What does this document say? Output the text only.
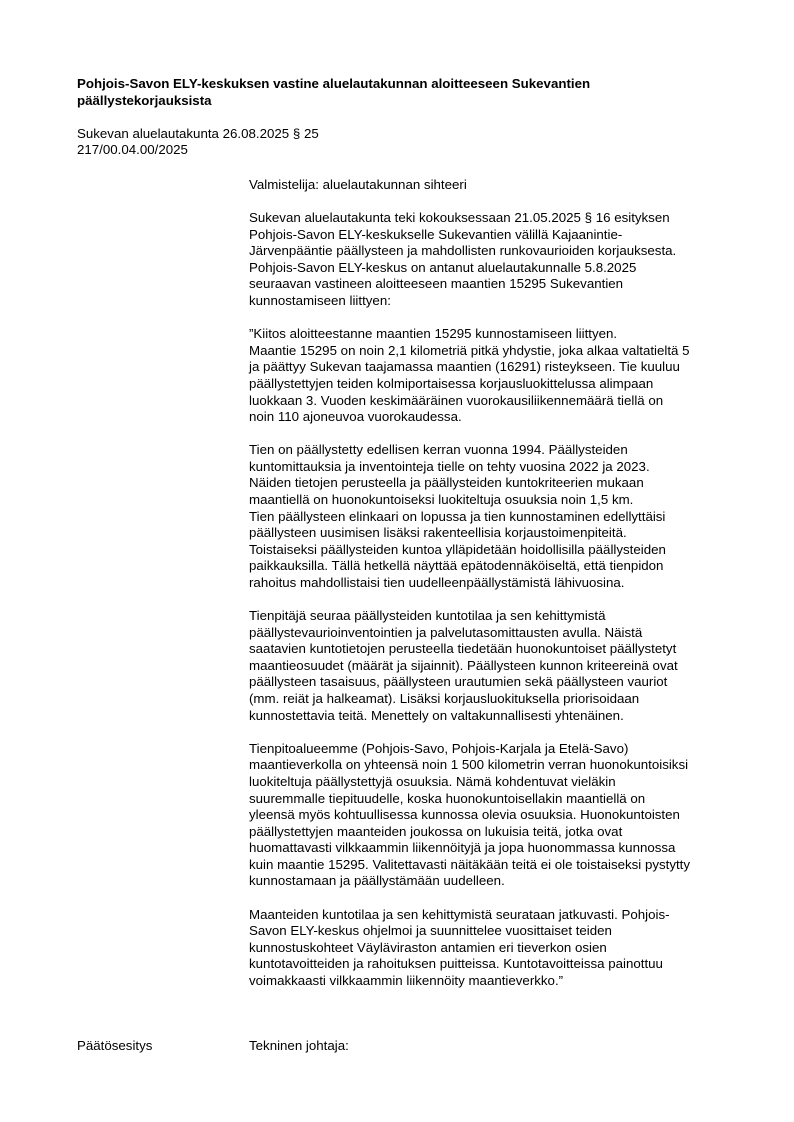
Pohjois-Savon ELY-keskuksen vastine aluelautakunnan aloitteeseen Sukevantien
päällystekorjauksista
Sukevan aluelautakunta 26.08.2025 § 25
217/00.04.00/2025

Valmistelija: aluelautakunnan sihteeri

Sukevan aluelautakunta teki kokouksessaan 21.05.2025 § 16 esityksen
Pohjois-Savon ELY-keskukselle Sukevantien välillä Kajaanintie-
Järvenpääntie päällysteen ja mahdollisten runkovaurioiden korjauksesta.
Pohjois-Savon ELY-keskus on antanut aluelautakunnalle 5.8.2025
seuraavan vastineen aloitteeseen maantien 15295 Sukevantien
kunnostamiseen liittyen:

”Kiitos aloitteestanne maantien 15295 kunnostamiseen liittyen.
Maantie 15295 on noin 2,1 kilometriä pitkä yhdystie, joka alkaa valtatieltä 5
ja päättyy Sukevan taajamassa maantien (16291) risteykseen. Tie kuuluu
päällystettyjen teiden kolmiportaisessa korjausluokittelussa alimpaan
luokkaan 3. Vuoden keskimääräinen vuorokausiliikennemäärä tiellä on
noin 110 ajoneuvoa vuorokaudessa.

Tien on päällystetty edellisen kerran vuonna 1994. Päällysteiden
kuntomittauksia ja inventointeja tielle on tehty vuosina 2022 ja 2023.
Näiden tietojen perusteella ja päällysteiden kuntokriteerien mukaan
maantiellä on huonokuntoiseksi luokiteltuja osuuksia noin 1,5 km.
Tien päällysteen elinkaari on lopussa ja tien kunnostaminen edellyttäisi
päällysteen uusimisen lisäksi rakenteellisia korjaustoimenpiteitä.
Toistaiseksi päällysteiden kuntoa ylläpidetään hoidollisilla päällysteiden
paikkauksilla. Tällä hetkellä näyttää epätodennäköiseltä, että tienpidon
rahoitus mahdollistaisi tien uudelleenpäällystämistä lähivuosina.

Tienpitäjä seuraa päällysteiden kuntotilaa ja sen kehittymistä
päällystevaurioinventointien ja palvelutasomittausten avulla. Näistä
saatavien kuntotietojen perusteella tiedetään huonokuntoiset päällystetyt
maantieosuudet (määrät ja sijainnit). Päällysteen kunnon kriteereinä ovat
päällysteen tasaisuus, päällysteen urautumien sekä päällysteen vauriot
(mm. reiät ja halkeamat). Lisäksi korjausluokituksella priorisoidaan
kunnostettavia teitä. Menettely on valtakunnallisesti yhtenäinen.

Tienpitoalueemme (Pohjois-Savo, Pohjois-Karjala ja Etelä-Savo)
maantieverkolla on yhteensä noin 1 500 kilometrin verran huonokuntoisiksi
luokiteltuja päällystettyjä osuuksia. Nämä kohdentuvat vieläkin
suuremmalle tiepituudelle, koska huonokuntoisellakin maantiellä on
yleensä myös kohtuullisessa kunnossa olevia osuuksia. Huonokuntoisten
päällystettyjen maanteiden joukossa on lukuisia teitä, jotka ovat
huomattavasti vilkkaammin liikennöityjä ja jopa huonommassa kunnossa
kuin maantie 15295. Valitettavasti näitäkään teitä ei ole toistaiseksi pystytty
kunnostamaan ja päällystämään uudelleen.

Maanteiden kuntotilaa ja sen kehittymistä seurataan jatkuvasti. Pohjois-
Savon ELY-keskus ohjelmoi ja suunnittelee vuosittaiset teiden
kunnostuskohteet Väyläviraston antamien eri tieverkon osien
kuntotavoitteiden ja rahoituksen puitteissa. Kuntotavoitteissa painottuu
voimakkaasti vilkkaammin liikennöity maantieverkko.”

Päätösesitys	Tekninen johtaja:
